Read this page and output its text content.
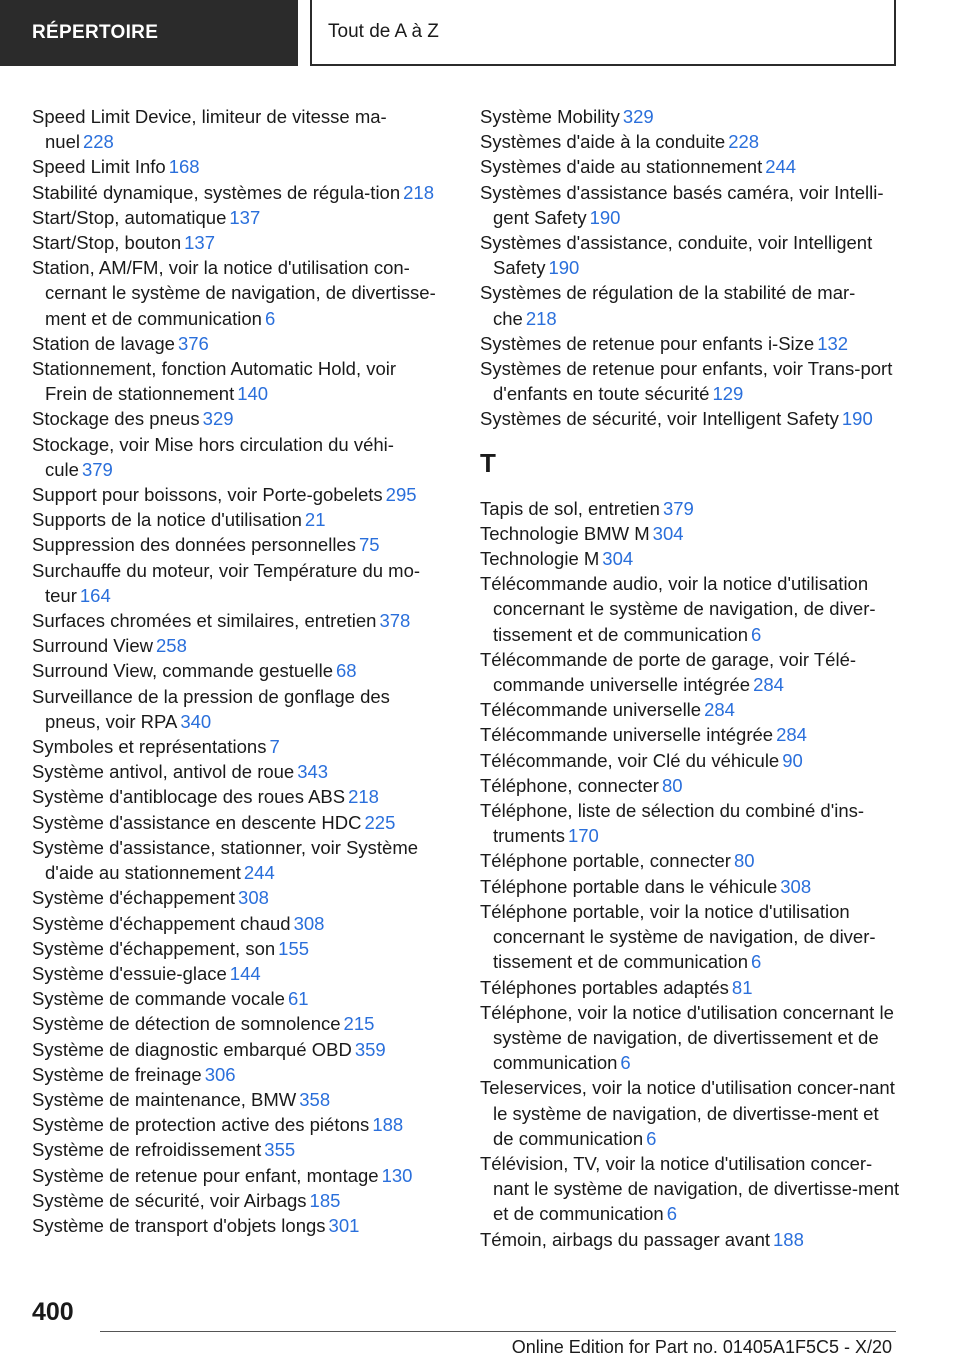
RÉPERTOIRE	Tout de A à Z
Speed Limit Device, limiteur de vitesse ma-nuel 228
Speed Limit Info 168
Stabilité dynamique, systèmes de régula-tion 218
Start/Stop, automatique 137
Start/Stop, bouton 137
Station, AM/FM, voir la notice d'utilisation con-cernant le système de navigation, de divertisse-ment et de communication 6
Station de lavage 376
Stationnement, fonction Automatic Hold, voir Frein de stationnement 140
Stockage des pneus 329
Stockage, voir Mise hors circulation du véhi-cule 379
Support pour boissons, voir Porte-gobelets 295
Supports de la notice d'utilisation 21
Suppression des données personnelles 75
Surchauffe du moteur, voir Température du mo-teur 164
Surfaces chromées et similaires, entretien 378
Surround View 258
Surround View, commande gestuelle 68
Surveillance de la pression de gonflage des pneus, voir RPA 340
Symboles et représentations 7
Système antivol, antivol de roue 343
Système d'antiblocage des roues ABS 218
Système d'assistance en descente HDC 225
Système d'assistance, stationner, voir Système d'aide au stationnement 244
Système d'échappement 308
Système d'échappement chaud 308
Système d'échappement, son 155
Système d'essuie-glace 144
Système de commande vocale 61
Système de détection de somnolence 215
Système de diagnostic embarqué OBD 359
Système de freinage 306
Système de maintenance, BMW 358
Système de protection active des piétons 188
Système de refroidissement 355
Système de retenue pour enfant, montage 130
Système de sécurité, voir Airbags 185
Système de transport d'objets longs 301
Système Mobility 329
Systèmes d'aide à la conduite 228
Systèmes d'aide au stationnement 244
Systèmes d'assistance basés caméra, voir Intelli-gent Safety 190
Systèmes d'assistance, conduite, voir Intelligent Safety 190
Systèmes de régulation de la stabilité de mar-che 218
Systèmes de retenue pour enfants i-Size 132
Systèmes de retenue pour enfants, voir Trans-port d'enfants en toute sécurité 129
Systèmes de sécurité, voir Intelligent Safety 190
T
Tapis de sol, entretien 379
Technologie BMW M 304
Technologie M 304
Télécommande audio, voir la notice d'utilisation concernant le système de navigation, de diver-tissement et de communication 6
Télécommande de porte de garage, voir Télé-commande universelle intégrée 284
Télécommande universelle 284
Télécommande universelle intégrée 284
Télécommande, voir Clé du véhicule 90
Téléphone, connecter 80
Téléphone, liste de sélection du combiné d'ins-truments 170
Téléphone portable, connecter 80
Téléphone portable dans le véhicule 308
Téléphone portable, voir la notice d'utilisation concernant le système de navigation, de diver-tissement et de communication 6
Téléphones portables adaptés 81
Téléphone, voir la notice d'utilisation concernant le système de navigation, de divertissement et de communication 6
Teleservices, voir la notice d'utilisation concer-nant le système de navigation, de divertisse-ment et de communication 6
Télévision, TV, voir la notice d'utilisation concer-nant le système de navigation, de divertisse-ment et de communication 6
Témoin, airbags du passager avant 188
400
Online Edition for Part no. 01405A1F5C5 - X/20
